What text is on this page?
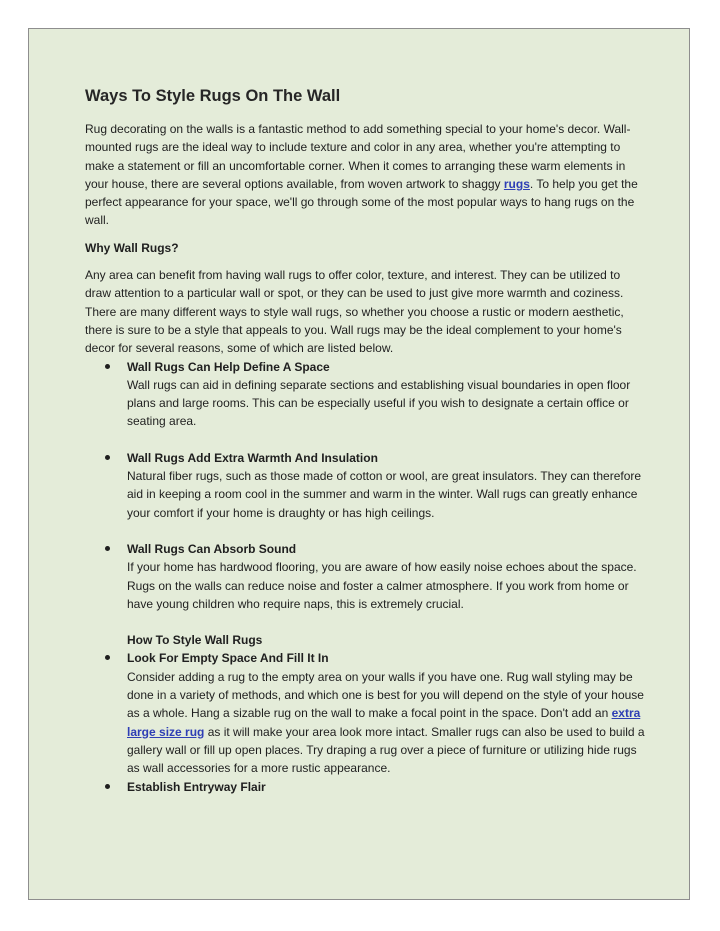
Ways To Style Rugs On The Wall

Rug decorating on the walls is a fantastic method to add something special to your home's decor. Wall-mounted rugs are the ideal way to include texture and color in any area, whether you're attempting to make a statement or fill an uncomfortable corner. When it comes to arranging these warm elements in your house, there are several options available, from woven artwork to shaggy rugs. To help you get the perfect appearance for your space, we'll go through some of the most popular ways to hang rugs on the wall.

Why Wall Rugs?

Any area can benefit from having wall rugs to offer color, texture, and interest. They can be utilized to draw attention to a particular wall or spot, or they can be used to just give more warmth and coziness. There are many different ways to style wall rugs, so whether you choose a rustic or modern aesthetic, there is sure to be a style that appeals to you. Wall rugs may be the ideal complement to your home's decor for several reasons, some of which are listed below.

Wall Rugs Can Help Define A Space
Wall rugs can aid in defining separate sections and establishing visual boundaries in open floor plans and large rooms. This can be especially useful if you wish to designate a certain office or seating area.
Wall Rugs Add Extra Warmth And Insulation
Natural fiber rugs, such as those made of cotton or wool, are great insulators. They can therefore aid in keeping a room cool in the summer and warm in the winter. Wall rugs can greatly enhance your comfort if your home is draughty or has high ceilings.
Wall Rugs Can Absorb Sound
If your home has hardwood flooring, you are aware of how easily noise echoes about the space. Rugs on the walls can reduce noise and foster a calmer atmosphere. If you work from home or have young children who require naps, this is extremely crucial.

How To Style Wall Rugs

Look For Empty Space And Fill It In
Consider adding a rug to the empty area on your walls if you have one. Rug wall styling may be done in a variety of methods, and which one is best for you will depend on the style of your house as a whole. Hang a sizable rug on the wall to make a focal point in the space. Don't add an extra large size rug as it will make your area look more intact. Smaller rugs can also be used to build a gallery wall or fill up open places. Try draping a rug over a piece of furniture or utilizing hide rugs as wall accessories for a more rustic appearance.
Establish Entryway Flair
